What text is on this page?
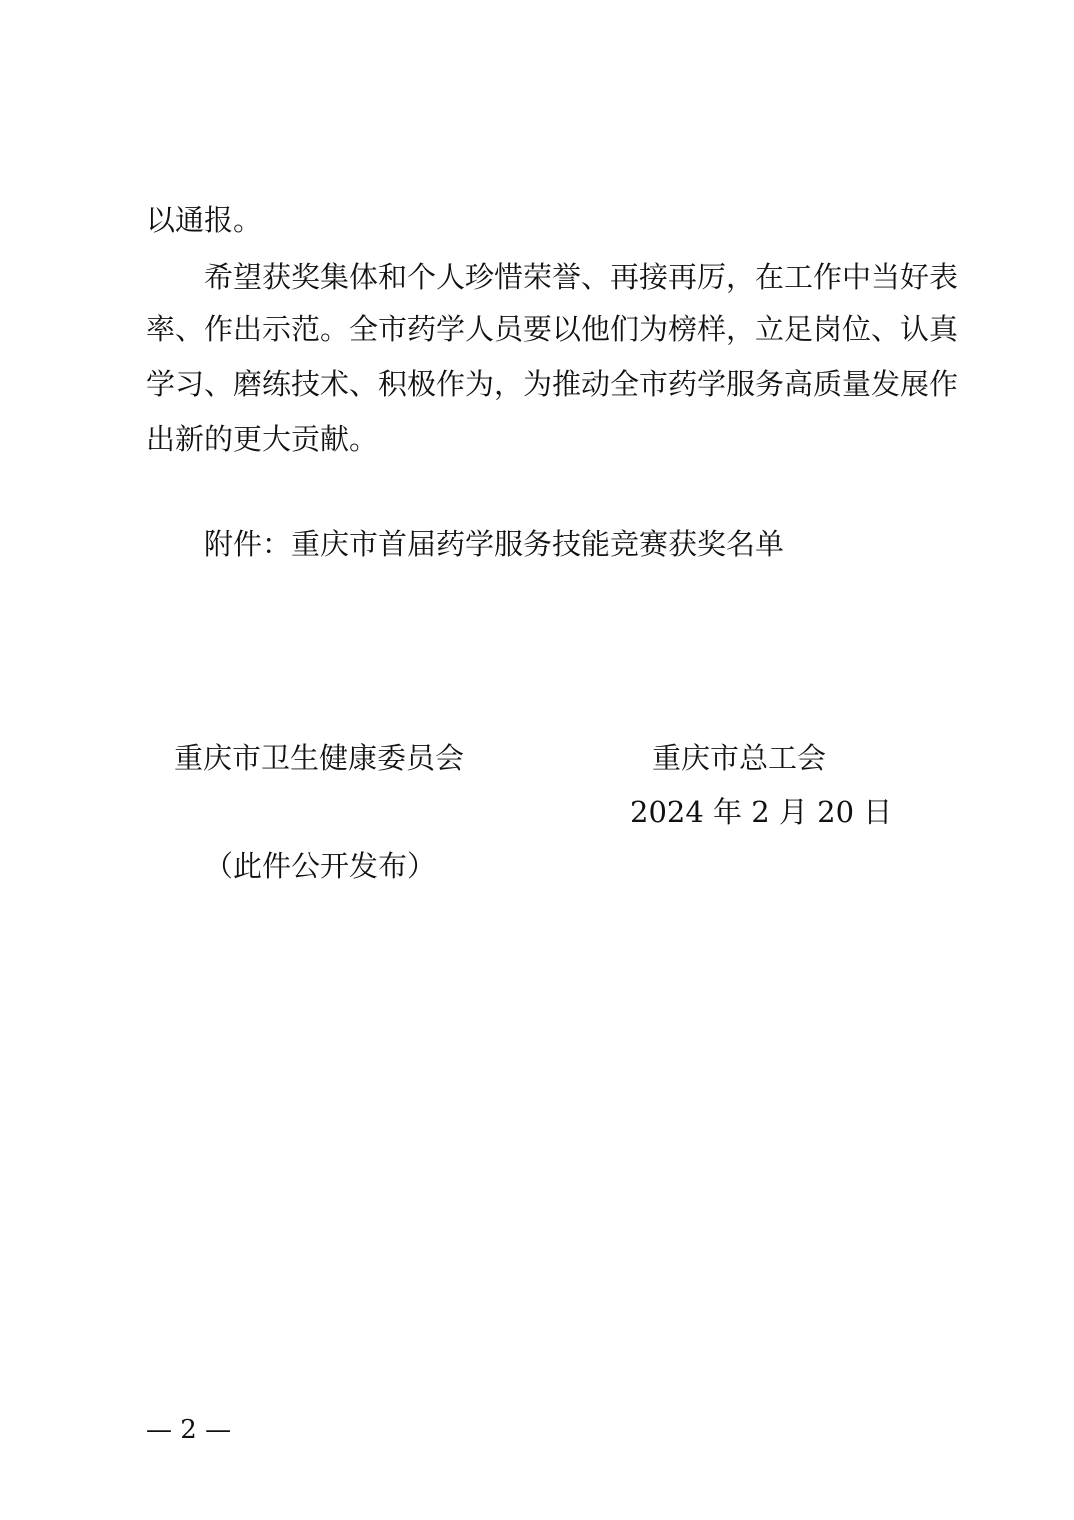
以通报。
希望获奖集体和个人珍惜荣誉、再接再厉，在工作中当好表
率、作出示范。全市药学人员要以他们为榜样，立足岗位、认真
学习、磨练技术、积极作为，为推动全市药学服务高质量发展作
出新的更大贡献。
附件：重庆市首届药学服务技能竞赛获奖名单
重庆市卫生健康委员会	重庆市总工会
2024 年 2 月 20 日
（此件公开发布）
— 2 —
